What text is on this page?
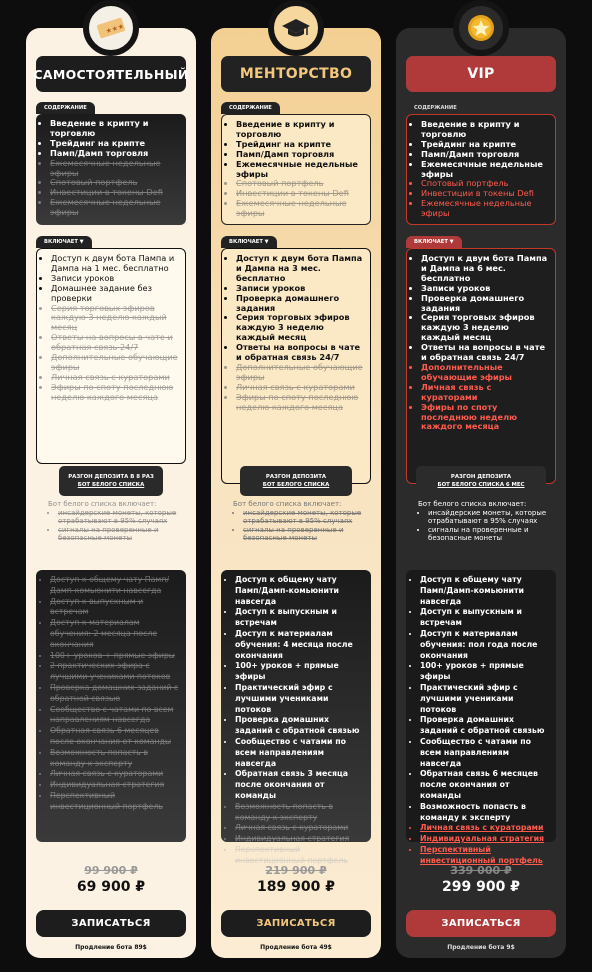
★★★
САМОСТОЯТЕЛЬНЫЙ
СОДЕРЖАНИЕ
• Введение в крипту и торговлю
• Трейдинг на крипте
• Памп/Дамп торговля
• Ежемесячные недельные эфиры
• Спотовый портфель
• Инвестиции в токены Defi
• Ежемесячные недельные эфиры
ВКЛЮЧАЕТ ▼
• Доступ к двум бота Пампа и Дампа на 1 мес. бесплатно
• Записи уроков
• Домашнее задание без проверки
• Серия торговых эфиров каждую 3 неделю каждый месяц
• Ответы на вопросы в чате и обратная связь 24/7
• Дополнительные обучающие эфиры
• Личная связь с кураторами
• Эфиры по споту последнюю неделю каждого месяца
РАЗГОН ДЕПОЗИТА В 8 РАЗ
БОТ БЕЛОГО СПИСКА
Бот белого списка включает:
• инсайдерские монеты, которые отрабатывают в 95% случаях
• сигналы на проверенные и безопасные монеты
• Доступ к общему чату Памп/Дамп-комьюнити навсегда
• Доступ к выпускным и встречам
• Доступ к материалам обучения: 2 месяца после окончания
• 100+ уроков + прямые эфиры
• 2 практических эфира с лучшими учениками потоков
• Проверка домашних заданий с обратной связью
• Сообщество с чатами по всем направлениям навсегда
• Обратная связь 6 месяцев после окончания от команды
• Возможность попасть в команду к эксперту
• Личная связь с кураторами
• Индивидуальная стратегия
• Перспективный инвестиционный портфель
99 900 ₽
69 900 ₽
ЗАПИСАТЬСЯ
Продление бота 89$
МЕНТОРСТВО
СОДЕРЖАНИЕ
• Введение в крипту и торговлю
• Трейдинг на крипте
• Памп/Дамп торговля
• Ежемесячные недельные эфиры
• Спотовый портфель
• Инвестиции в токены Defi
• Ежемесячные недельные эфиры
ВКЛЮЧАЕТ ▼
• Доступ к двум бота Пампа и Дампа на 3 мес. бесплатно
• Записи уроков
• Проверка домашнего задания
• Серия торговых эфиров каждую 3 неделю каждый месяц
• Ответы на вопросы в чате и обратная связь 24/7
• Дополнительные обучающие эфиры
• Личная связь с кураторами
• Эфиры по споту последнюю неделю каждого месяца
РАЗГОН ДЕПОЗИТА
БОТ БЕЛОГО СПИСКА
Бот белого списка включает:
• инсайдерские монеты, которые отрабатывают в 95% случаях
• сигналы на проверенные и безопасные монеты
• Доступ к общему чату Памп/Дамп-комьюнити навсегда
• Доступ к выпускным и встречам
• Доступ к материалам обучения: 4 месяца после окончания
• 100+ уроков + прямые эфиры
• Практический эфир с лучшими учениками потоков
• Проверка домашних заданий с обратной связью
• Сообщество с чатами по всем направлениям навсегда
• Обратная связь 3 месяца после окончания от команды
• Возможность попасть в команду к эксперту
• Личная связь с кураторами
• Индивидуальная стратегия
• Перспективный инвестиционный портфель
219 900 ₽
189 900 ₽
ЗАПИСАТЬСЯ
Продление бота 49$
VIP
СОДЕРЖАНИЕ
• Введение в крипту и торговлю
• Трейдинг на крипте
• Памп/Дамп торговля
• Ежемесячные недельные эфиры
• Спотовый портфель
• Инвестиции в токены Defi
• Ежемесячные недельные эфиры
ВКЛЮЧАЕТ ▼
• Доступ к двум бота Пампа и Дампа на 6 мес. бесплатно
• Записи уроков
• Проверка домашнего задания
• Серия торговых эфиров каждую 3 неделю каждый месяц
• Ответы на вопросы в чате и обратная связь 24/7
• Дополнительные обучающие эфиры
• Личная связь с кураторами
• Эфиры по споту последнюю неделю каждого месяца
РАЗГОН ДЕПОЗИТА
БОТ БЕЛОГО СПИСКА 6 МЕС
Бот белого списка включает:
• инсайдерские монеты, которые отрабатывают в 95% случаях
• сигналы на проверенные и безопасные монеты
• Доступ к общему чату Памп/Дамп-комьюнити навсегда
• Доступ к выпускным и встречам
• Доступ к материалам обучения: пол года после окончания
• 100+ уроков + прямые эфиры
• Практический эфир с лучшими учениками потоков
• Проверка домашних заданий с обратной связью
• Сообщество с чатами по всем направлениям навсегда
• Обратная связь 6 месяцев после окончания от команды
• Возможность попасть в команду к эксперту
• Личная связь с кураторами
• Индивидуальная стратегия
• Перспективный инвестиционный портфель
339 000 ₽
299 900 ₽
ЗАПИСАТЬСЯ
Продление бота 9$
